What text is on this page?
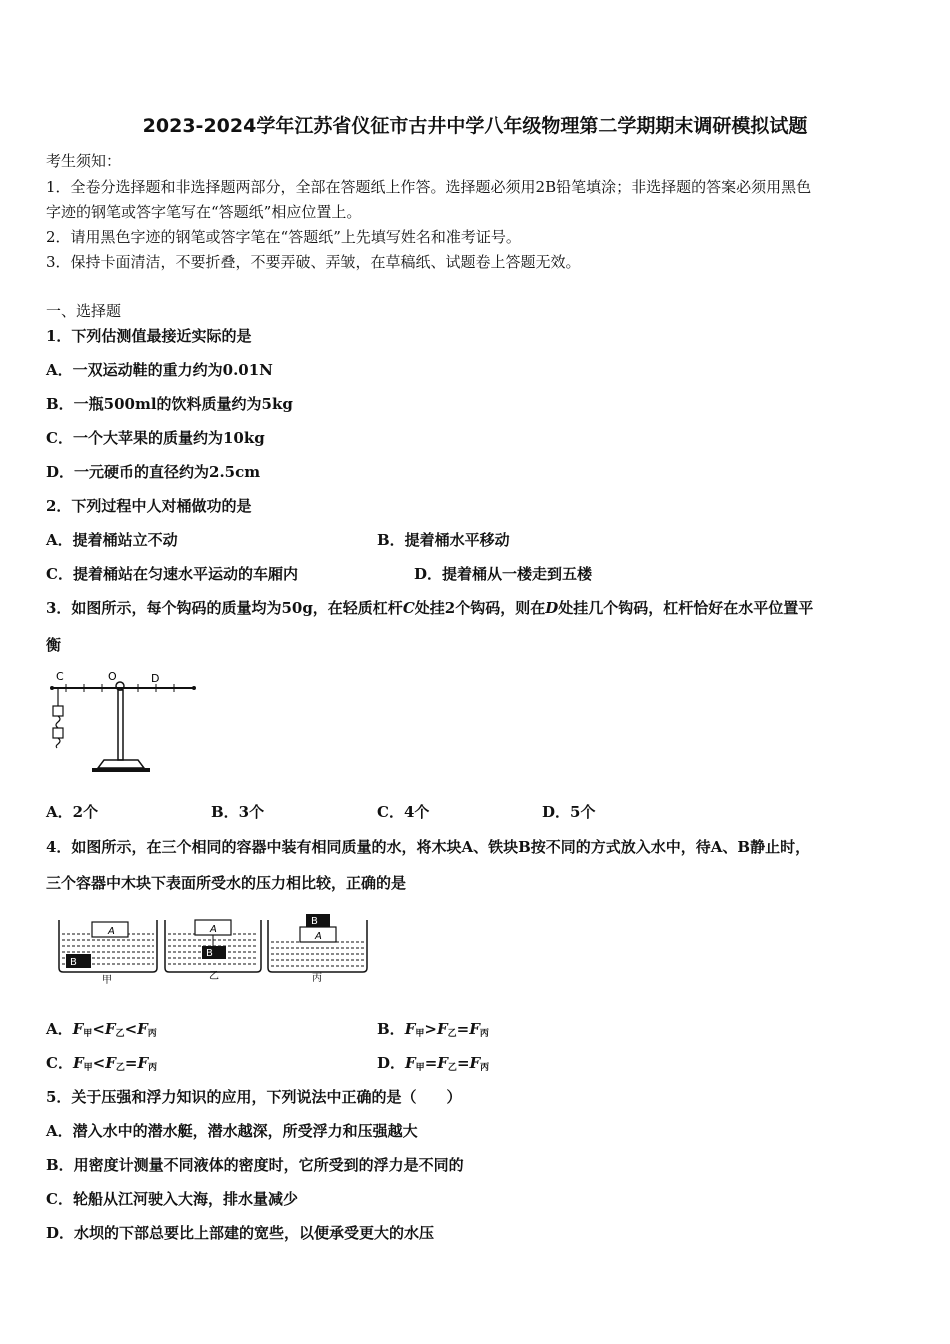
2023-2024学年江苏省仪征市古井中学八年级物理第二学期期末调研模拟试题
考生须知：
1．全卷分选择题和非选择题两部分，全部在答题纸上作答。选择题必须用2B铅笔填涂；非选择题的答案必须用黑色
字迹的钢笔或答字笔写在“答题纸”相应位置上。
2．请用黑色字迹的钢笔或答字笔在“答题纸”上先填写姓名和准考证号。
3．保持卡面清洁，不要折叠，不要弄破、弄皱，在草稿纸、试题卷上答题无效。
一、选择题
1．下列估测值最接近实际的是
A．一双运动鞋的重力约为0.01N
B．一瓶500ml的饮料质量约为5kg
C．一个大苹果的质量约为10kg
D．一元硬币的直径约为2.5cm
2．下列过程中人对桶做功的是
A．提着桶站立不动	B．提着桶水平移动
C．提着桶站在匀速水平运动的车厢内	D．提着桶从一楼走到五楼
3．如图所示，每个钩码的质量均为50g，在轻质杠杆C处挂2个钩码，则在D处挂几个钩码，杠杆恰好在水平位置平
衡
C	O	D
A．2个	B．3个	C．4个	D．5个
4．如图所示，在三个相同的容器中装有相同质量的水，将木块A、铁块B按不同的方式放入水中，待A、B静止时，
三个容器中木块下表面所受水的压力相比较，正确的是
A
B
甲
A
B
乙
A
B
丙
A．$F_甲<F_乙<F_丙$	B．$F_甲>F_乙=F_丙$
C．$F_甲<F_乙=F_丙$	D．$F_甲=F_乙=F_丙$
5．关于压强和浮力知识的应用，下列说法中正确的是（　　）
A．潜入水中的潜水艇，潜水越深，所受浮力和压强越大
B．用密度计测量不同液体的密度时，它所受到的浮力是不同的
C．轮船从江河驶入大海，排水量减少
D．水坝的下部总要比上部建的宽些，以便承受更大的水压
